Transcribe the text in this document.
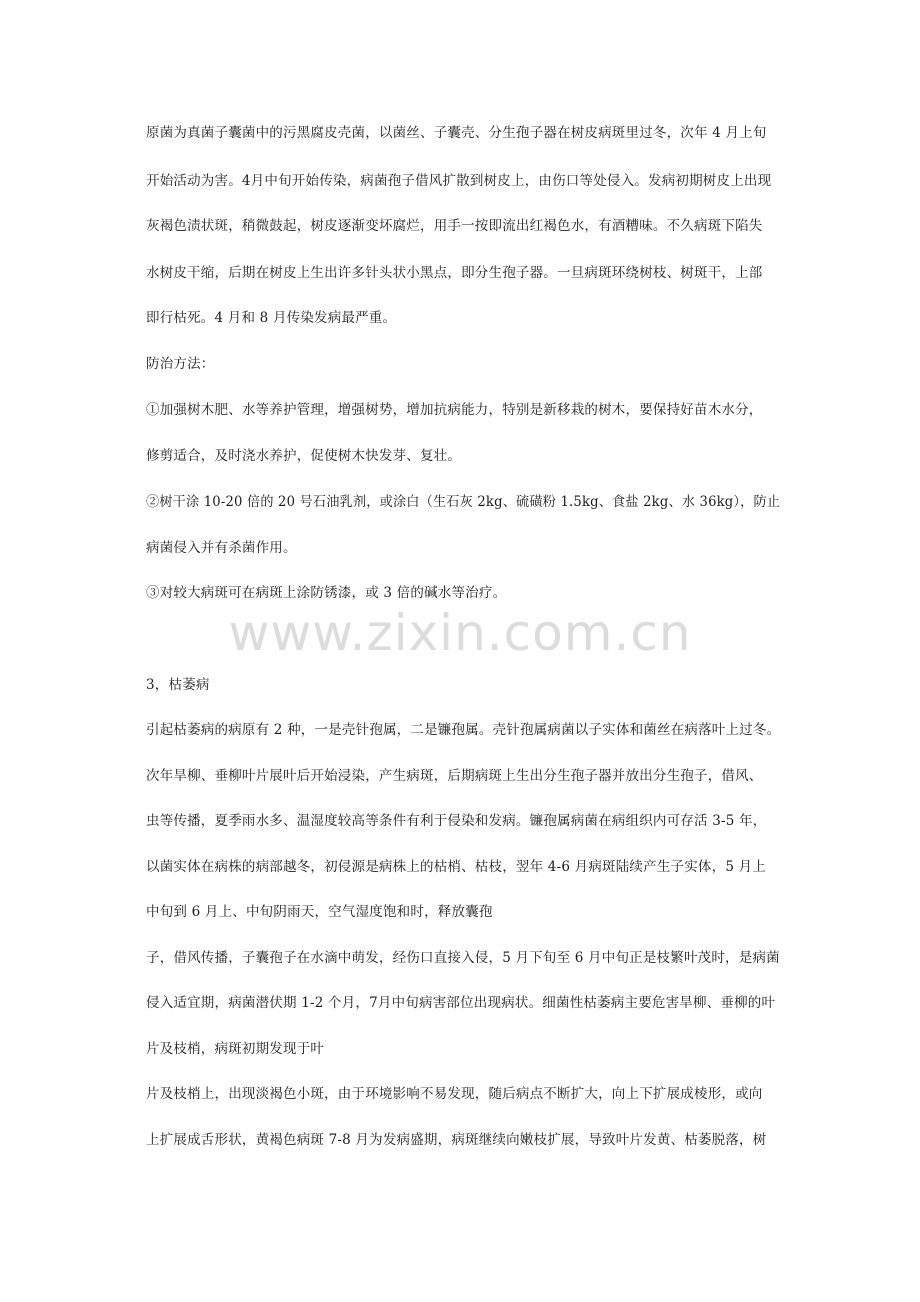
原菌为真菌子囊菌中的污黑腐皮壳菌，以菌丝、子囊壳、分生孢子器在树皮病斑里过冬，次年 4 月上旬
开始活动为害。4月中旬开始传染，病菌孢子借风扩散到树皮上，由伤口等处侵入。发病初期树皮上出现
灰褐色渍状斑，稍微鼓起，树皮逐渐变坏腐烂，用手一按即流出红褐色水，有酒糟味。不久病斑下陷失
水树皮干缩，后期在树皮上生出许多针头状小黑点，即分生孢子器。一旦病斑环绕树枝、树斑干，上部
即行枯死。4 月和 8 月传染发病最严重。
防治方法：
①加强树木肥、水等养护管理，增强树势，增加抗病能力，特别是新移栽的树木，要保持好苗木水分，
修剪适合，及时浇水养护，促使树木快发芽、复壮。
②树干涂 10-20 倍的 20 号石油乳剂，或涂白（生石灰 2kg、硫磺粉 1.5kg、食盐 2kg、水 36kg），防止
病菌侵入并有杀菌作用。
③对较大病斑可在病斑上涂防锈漆，或 3 倍的碱水等治疗。
www.zixin.com.cn
3，枯萎病
引起枯萎病的病原有 2 种，一是壳针孢属，二是镰孢属。壳针孢属病菌以子实体和菌丝在病落叶上过冬。
次年旱柳、垂柳叶片展叶后开始浸染，产生病斑，后期病斑上生出分生孢子器并放出分生孢子，借风、
虫等传播，夏季雨水多、温湿度较高等条件有利于侵染和发病。镰孢属病菌在病组织内可存活 3-5 年，
以菌实体在病株的病部越冬，初侵源是病株上的枯梢、枯枝，翌年 4-6 月病斑陆续产生子实体，5 月上
中旬到 6 月上、中旬阴雨天，空气湿度饱和时，释放囊孢
子，借风传播，子囊孢子在水滴中萌发，经伤口直接入侵，5 月下旬至 6 月中旬正是枝繁叶茂时，是病菌
侵入适宜期，病菌潜伏期 1-2 个月，7月中旬病害部位出现病状。细菌性枯萎病主要危害旱柳、垂柳的叶
片及枝梢，病斑初期发现于叶
片及枝梢上，出现淡褐色小斑，由于环境影响不易发现，随后病点不断扩大，向上下扩展成棱形，或向
上扩展成舌形状，黄褐色病斑 7-8 月为发病盛期，病斑继续向嫩枝扩展，导致叶片发黄、枯萎脱落，树
